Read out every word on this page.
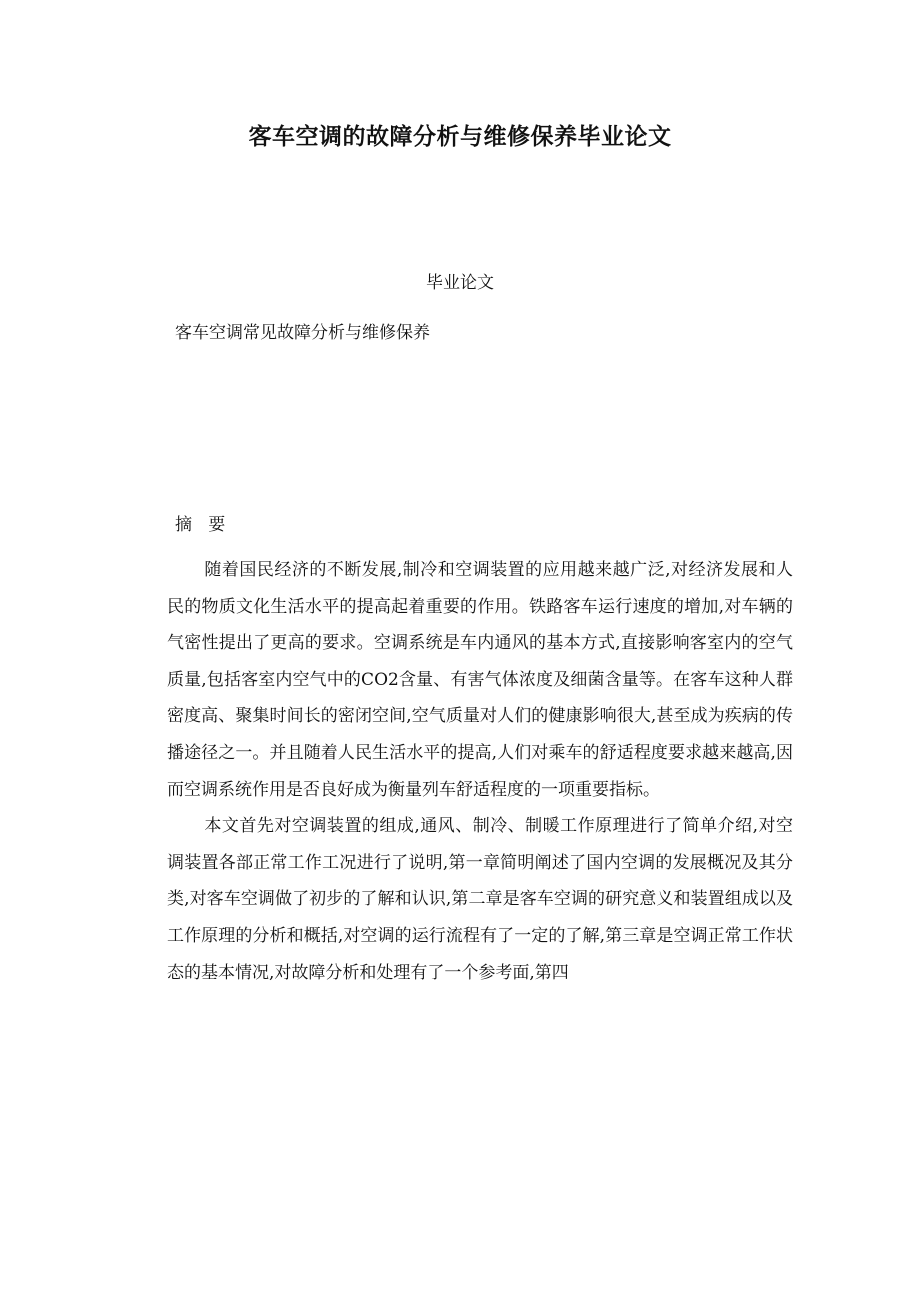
客车空调的故障分析与维修保养毕业论文

毕业论文

客车空调常见故障分析与维修保养

摘   要

随着国民经济的不断发展,制冷和空调装置的应用越来越广泛,对经济发展和人民的物质文化生活水平的提高起着重要的作用。铁路客车运行速度的增加,对车辆的气密性提出了更高的要求。空调系统是车内通风的基本方式,直接影响客室内的空气质量,包括客室内空气中的CO2含量、有害气体浓度及细菌含量等。在客车这种人群密度高、聚集时间长的密闭空间,空气质量对人们的健康影响很大,甚至成为疾病的传播途径之一。并且随着人民生活水平的提高,人们对乘车的舒适程度要求越来越高,因而空调系统作用是否良好成为衡量列车舒适程度的一项重要指标。

本文首先对空调装置的组成,通风、制冷、制暖工作原理进行了简单介绍,对空调装置各部正常工作工况进行了说明,第一章简明阐述了国内空调的发展概况及其分类,对客车空调做了初步的了解和认识,第二章是客车空调的研究意义和装置组成以及工作原理的分析和概括,对空调的运行流程有了一定的了解,第三章是空调正常工作状态的基本情况,对故障分析和处理有了一个参考面,第四
